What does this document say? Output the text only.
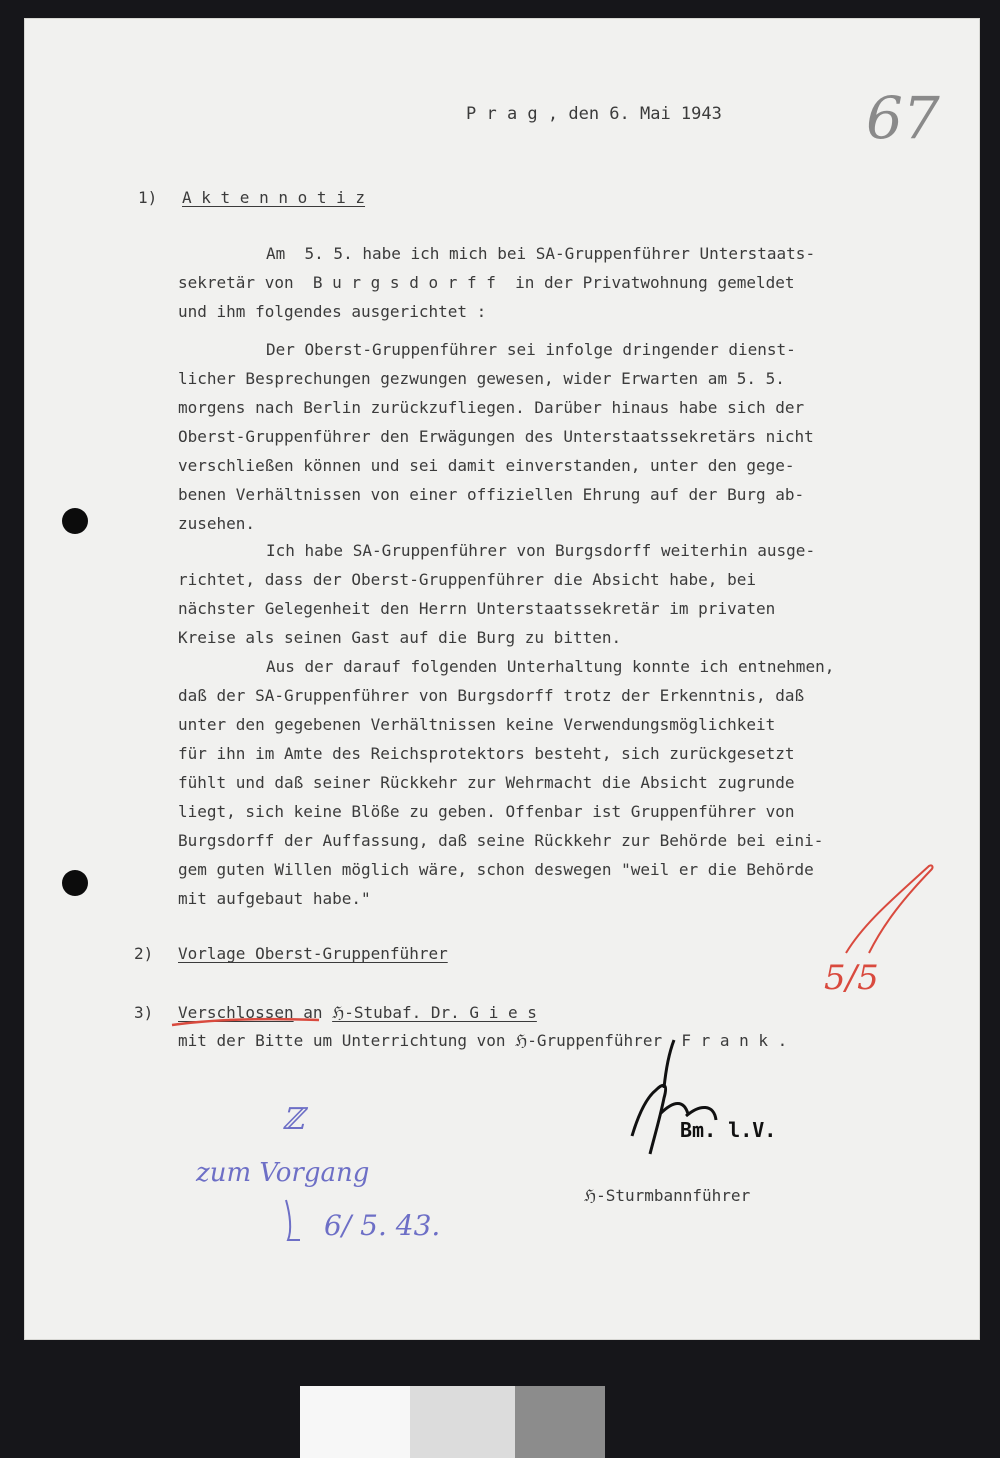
P r a g , den 6. Mai 1943 67
1) A k t e n n o t i z
Am  5. 5. habe ich mich bei SA-Gruppenführer Unterstaats-
sekretär von  B u r g s d o r f f  in der Privatwohnung gemeldet
und ihm folgendes ausgerichtet :
Der Oberst-Gruppenführer sei infolge dringender dienst-
licher Besprechungen gezwungen gewesen, wider Erwarten am 5. 5.
morgens nach Berlin zurückzufliegen. Darüber hinaus habe sich der
Oberst-Gruppenführer den Erwägungen des Unterstaatssekretärs nicht
verschließen können und sei damit einverstanden, unter den gege-
benen Verhältnissen von einer offiziellen Ehrung auf der Burg ab-
zusehen.
Ich habe SA-Gruppenführer von Burgsdorff weiterhin ausge-
richtet, dass der Oberst-Gruppenführer die Absicht habe, bei
nächster Gelegenheit den Herrn Unterstaatssekretär im privaten
Kreise als seinen Gast auf die Burg zu bitten.
Aus der darauf folgenden Unterhaltung konnte ich entnehmen,
daß der SA-Gruppenführer von Burgsdorff trotz der Erkenntnis, daß
unter den gegebenen Verhältnissen keine Verwendungsmöglichkeit
für ihn im Amte des Reichsprotektors besteht, sich zurückgesetzt
fühlt und daß seiner Rückkehr zur Wehrmacht die Absicht zugrunde
liegt, sich keine Blöße zu geben. Offenbar ist Gruppenführer von
Burgsdorff der Auffassung, daß seine Rückkehr zur Behörde bei eini-
gem guten Willen möglich wäre, schon deswegen "weil er die Behörde
mit aufgebaut habe."
2) Vorlage Oberst-Gruppenführer
3) Verschlossen an ℌ-Stubaf. Dr. G i e s
mit der Bitte um Unterrichtung von ℌ-Gruppenführer  F r a n k .
5/5
Bm. l.V.
ℌ-Sturmbannführer
ℤ
zum Vorgang
6/ 5. 43.
